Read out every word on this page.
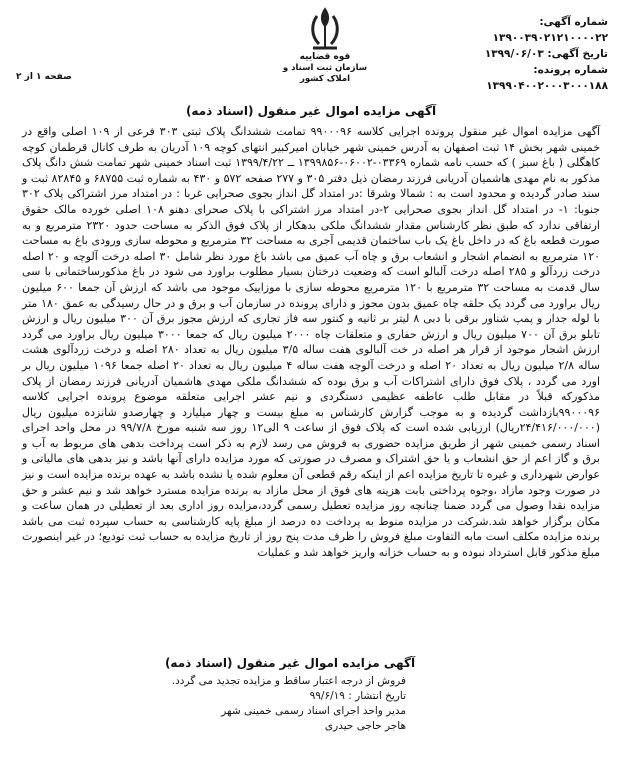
شماره آگهی: ۱۳۹۰۰۳۹۰۲۱۲۱۰۰۰۰۲۲
تاریخ آگهی: ۱۳۹۹/۰۶/۰۳
شماره پرونده: ۱۳۹۹۰۴۰۰۲۰۰۰۳۰۰۰۱۸۸
قوه قضاییه
سازمان ثبت اسناد و املاک کشور
صفحه ۱ از ۲
آگهی مزایده اموال غیر منقول (اسناد ذمه)

آگهی مزایده اموال غیر منقول پرونده اجرایی کلاسه ۹۹۰۰۰۹۶ تمامت ششدانگ پلاک ثبتی ۳۰۳ فرعی از ۱۰۹ اصلی واقع در خمینی شهر بخش ۱۴ ثبت اصفهان به آدرس خمینی شهر خیابان امیرکبیر انتهای کوچه ۱۰۹ آدریان به طرف کانال قرطمان کوچه کاهگلی ( باغ سبز ) که حسب نامه شماره ۰۳۳۶۹-۰۶۰۰۲-۱۳۹۹۸۵۶ ــ ۱۳۹۹/۴/۲۲ ثبت اسناد خمینی شهر تمامت شش دانگ پلاک مذکور به نام مهدی هاشمیان آدریانی فرزند رمضان ذیل دفتر ۳۰۵ و ۲۷۷ صفحه ۵۷۲ و ۴۳۰ به شماره ثبت ۶۸۷۵۵ و ۸۲۸۴۵ ثبت و سند صادر گردیده و محدود است به : شمالا وشرقا :در امتداد گل انداز بجوی صحرایی غربا : در امتداد مرز اشتراکی پلاک ۳۰۲ جنوبا: ۱- در امتداد گل انداز بجوی صحرایی ۲-در امتداد مرز اشتراکی با پلاک صحرای دهنو ۱۰۸ اصلی خورده مالک حقوق ارتفاقی ندارد که طبق نظر کارشناس مقدار ششدانگ ملکی بدهکار از پلاک فوق الذکر به مساحت حدود ۲۳۲۰ مترمربع و به صورت قطعه باغ که در داخل باغ یک باب ساختمان قدیمی آجری به مساحت ۳۲ مترمربع و محوطه سازی ورودی باغ به مساحت ۱۲۰ مترمربع به انضمام اشجار و انشعاب برق و چاه آب عمیق می باشد باغ مورد نظر شامل ۳۰ اصله درخت آلوچه و ۲۰ اصله درخت زردآلو و ۲۸۵ اصله درخت آلبالو است که وضعیت درختان بسیار مطلوب براورد می شود در باغ مذکورساختمانی با سی سال قدمت به مساحت ۳۲ مترمربع با ۱۲۰ مترمربع محوطه سازی با موزاییک موجود می باشد که ارزش آن جمعا ۶۰۰ میلیون ریال براورد می گردد یک حلقه چاه عمیق بدون مجوز و دارای پرونده در سازمان آب و برق و در حال رسیدگی به عمق ۱۸۰ متر با لوله جدار و پمپ شناور برقی با دبی ۸ لیتر بر ثانیه و کنتور سه فاز تجاری که ارزش مجوز برق آن ۳۰۰ میلیون ریال و ارزش تابلو برق آن ۷۰۰ میلیون ریال و ارزش حفاری و متعلقات چاه ۲۰۰۰ میلیون ریال که جمعا ۳۰۰۰ میلیون ریال براورد می گردد ارزش اشجار موجود از قرار هر اصله در خت آلبالوی هفت ساله ۳/۵ میلیون ریال به تعداد ۲۸۰ اصله و درخت زردآلوی هشت ساله ۲/۸ میلیون ریال به تعداد ۲۰ اصله و درخت آلوچه هفت ساله ۴ میلیون ریال به تعداد ۲۰ اصله جمعا ۱۰۹۶ میلیون ریال بر اورد می گردد ، پلاک فوق دارای اشتراکات آب و برق بوده که ششدانگ ملکی مهدی هاشمیان آدریانی فرزند رمضان از پلاک مذکورکه قبلاً در مقابل طلب عاطفه عظیمی دستگردی و نیم عشر اجرایی متعلقه موضوع پرونده اجرایی کلاسه ۹۹۰۰۰۹۶بازداشت گردیده و به موجب گزارش کارشناس به مبلغ بیست و چهار میلیارد و چهارصدو شانزده میلیون ریال (۲۴/۴۱۶/۰۰۰/۰۰۰ریال) ارزیابی شده است که پلاک فوق از ساعت ۹ الی۱۲ روز سه شنبه مورخ ۹۹/۷/۸ در محل واحد اجرای اسناد رسمی خمینی شهر از طریق مزایده حضوری به فروش می رسد لازم به ذکر است پرداخت بدهی های مربوط به آب و برق و گاز اعم از حق انشعاب و یا حق اشتراک و مصرف در صورتی که مورد مزایده دارای آنها باشد و نیز بدهی های مالیاتی و عوارض شهرداری و غیره تا تاریخ مزایده اعم از اینکه رقم قطعی آن معلوم شده یا نشده باشد به عهده برنده مزایده است و نیز در صورت وجود مازاد ،وجوه پرداختی بابت هزینه های فوق از محل مازاد به برنده مزایده مسترد خواهد شد و نیم عشر و حق مزایده نقدا وصول می گردد ضمنا چنانچه روز مزایده تعطیل رسمی گردد،مزایده روز اداری بعد از تعطیلی در همان ساعت و مکان برگزار خواهد شد.شرکت در مزایده منوط به پرداخت ده درصد از مبلغ پایه کارشناسی به حساب سپرده ثبت می باشد برنده مزایده مکلف است مابه التفاوت مبلغ فروش را ظرف مدت پنج روز از تاریخ مزایده به حساب ثبت تودیع؛ در غیر اینصورت مبلغ مذکور قابل استرداد نبوده و به حساب خزانه واریز خواهد شد و عملیات

آگهی مزایده اموال غیر منقول (اسناد ذمه)
فروش از درجه اعتبار ساقط و مزایده تجدید می گردد.
تاریخ انتشار : ۹۹/۶/۱۹
مدیر واحد اجرای اسناد رسمی خمینی شهر
هاجر حاجی حیدری
